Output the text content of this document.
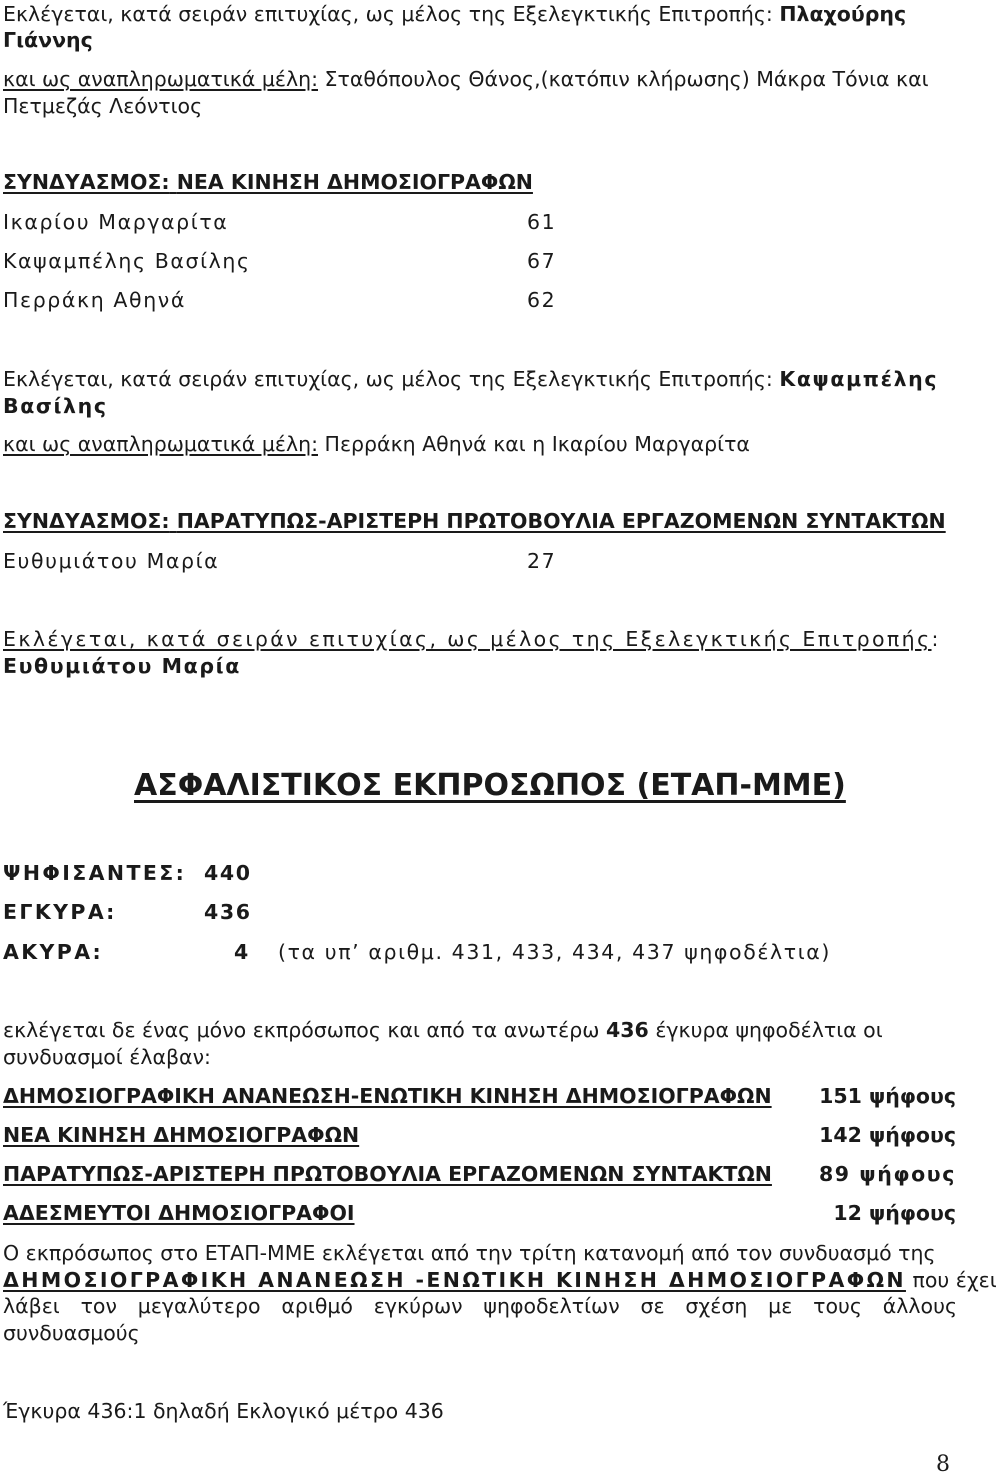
Εκλέγεται, κατά σειράν επιτυχίας, ως μέλος της Εξελεγκτικής Επιτροπής: Πλαχούρης
Γιάννης
και ως αναπληρωματικά μέλη: Σταθόπουλος Θάνος,(κατόπιν κλήρωσης) Μάκρα Τόνια και
Πετμεζάς Λεόντιος
ΣΥΝΔΥΑΣΜΟΣ: ΝΕΑ ΚΙΝΗΣΗ ΔΗΜΟΣΙΟΓΡΑΦΩΝ
Ικαρίου Μαργαρίτα	61
Καψαμπέλης Βασίλης	67
Περράκη Αθηνά	62
Εκλέγεται, κατά σειράν επιτυχίας, ως μέλος της Εξελεγκτικής Επιτροπής: Καψαμπέλης
Βασίλης
και ως αναπληρωματικά μέλη: Περράκη Αθηνά και η Ικαρίου Μαργαρίτα
ΣΥΝΔΥΑΣΜΟΣ: ΠΑΡΑΤΥΠΩΣ-ΑΡΙΣΤΕΡΗ ΠΡΩΤΟΒΟΥΛΙΑ ΕΡΓΑΖΟΜΕΝΩΝ ΣΥΝΤΑΚΤΩΝ
Ευθυμιάτου Μαρία	27
Εκλέγεται, κατά σειράν επιτυχίας, ως μέλος της Εξελεγκτικής Επιτροπής:
Ευθυμιάτου Μαρία
ΑΣΦΑΛΙΣΤΙΚΟΣ ΕΚΠΡΟΣΩΠΟΣ (ΕΤΑΠ-ΜΜΕ)
ΨΗΦΙΣΑΝΤΕΣ: 440
ΕΓΚΥΡΑ:	436
ΑΚΥΡΑ:	4 (τα υπ’ αριθμ. 431, 433, 434, 437 ψηφοδέλτια)
εκλέγεται δε ένας μόνο εκπρόσωπος και από τα ανωτέρω 436 έγκυρα ψηφοδέλτια οι
συνδυασμοί έλαβαν:
ΔΗΜΟΣΙΟΓΡΑΦΙΚΗ ΑΝΑΝΕΩΣΗ-ΕΝΩΤΙΚΗ ΚΙΝΗΣΗ ΔΗΜΟΣΙΟΓΡΑΦΩΝ 151 ψήφους
ΝΕΑ ΚΙΝΗΣΗ ΔΗΜΟΣΙΟΓΡΑΦΩΝ	142 ψήφους
ΠΑΡΑΤΥΠΩΣ-ΑΡΙΣΤΕΡΗ ΠΡΩΤΟΒΟΥΛΙΑ ΕΡΓΑΖΟΜΕΝΩΝ ΣΥΝΤΑΚΤΩΝ 89 ψήφους
ΑΔΕΣΜΕΥΤΟΙ ΔΗΜΟΣΙΟΓΡΑΦΟΙ	12 ψήφους
Ο εκπρόσωπος στο ΕΤΑΠ-ΜΜΕ εκλέγεται από την τρίτη κατανομή από τον συνδυασμό της
ΔΗΜΟΣΙΟΓΡΑΦΙΚΗ ΑΝΑΝΕΩΣΗ -ΕΝΩΤΙΚΗ ΚΙΝΗΣΗ ΔΗΜΟΣΙΟΓΡΑΦΩΝ που έχει
λάβει τον μεγαλύτερο αριθμό εγκύρων ψηφοδελτίων σε σχέση με τους άλλους
συνδυασμούς
Έγκυρα 436:1 δηλαδή Εκλογικό μέτρο 436
8
